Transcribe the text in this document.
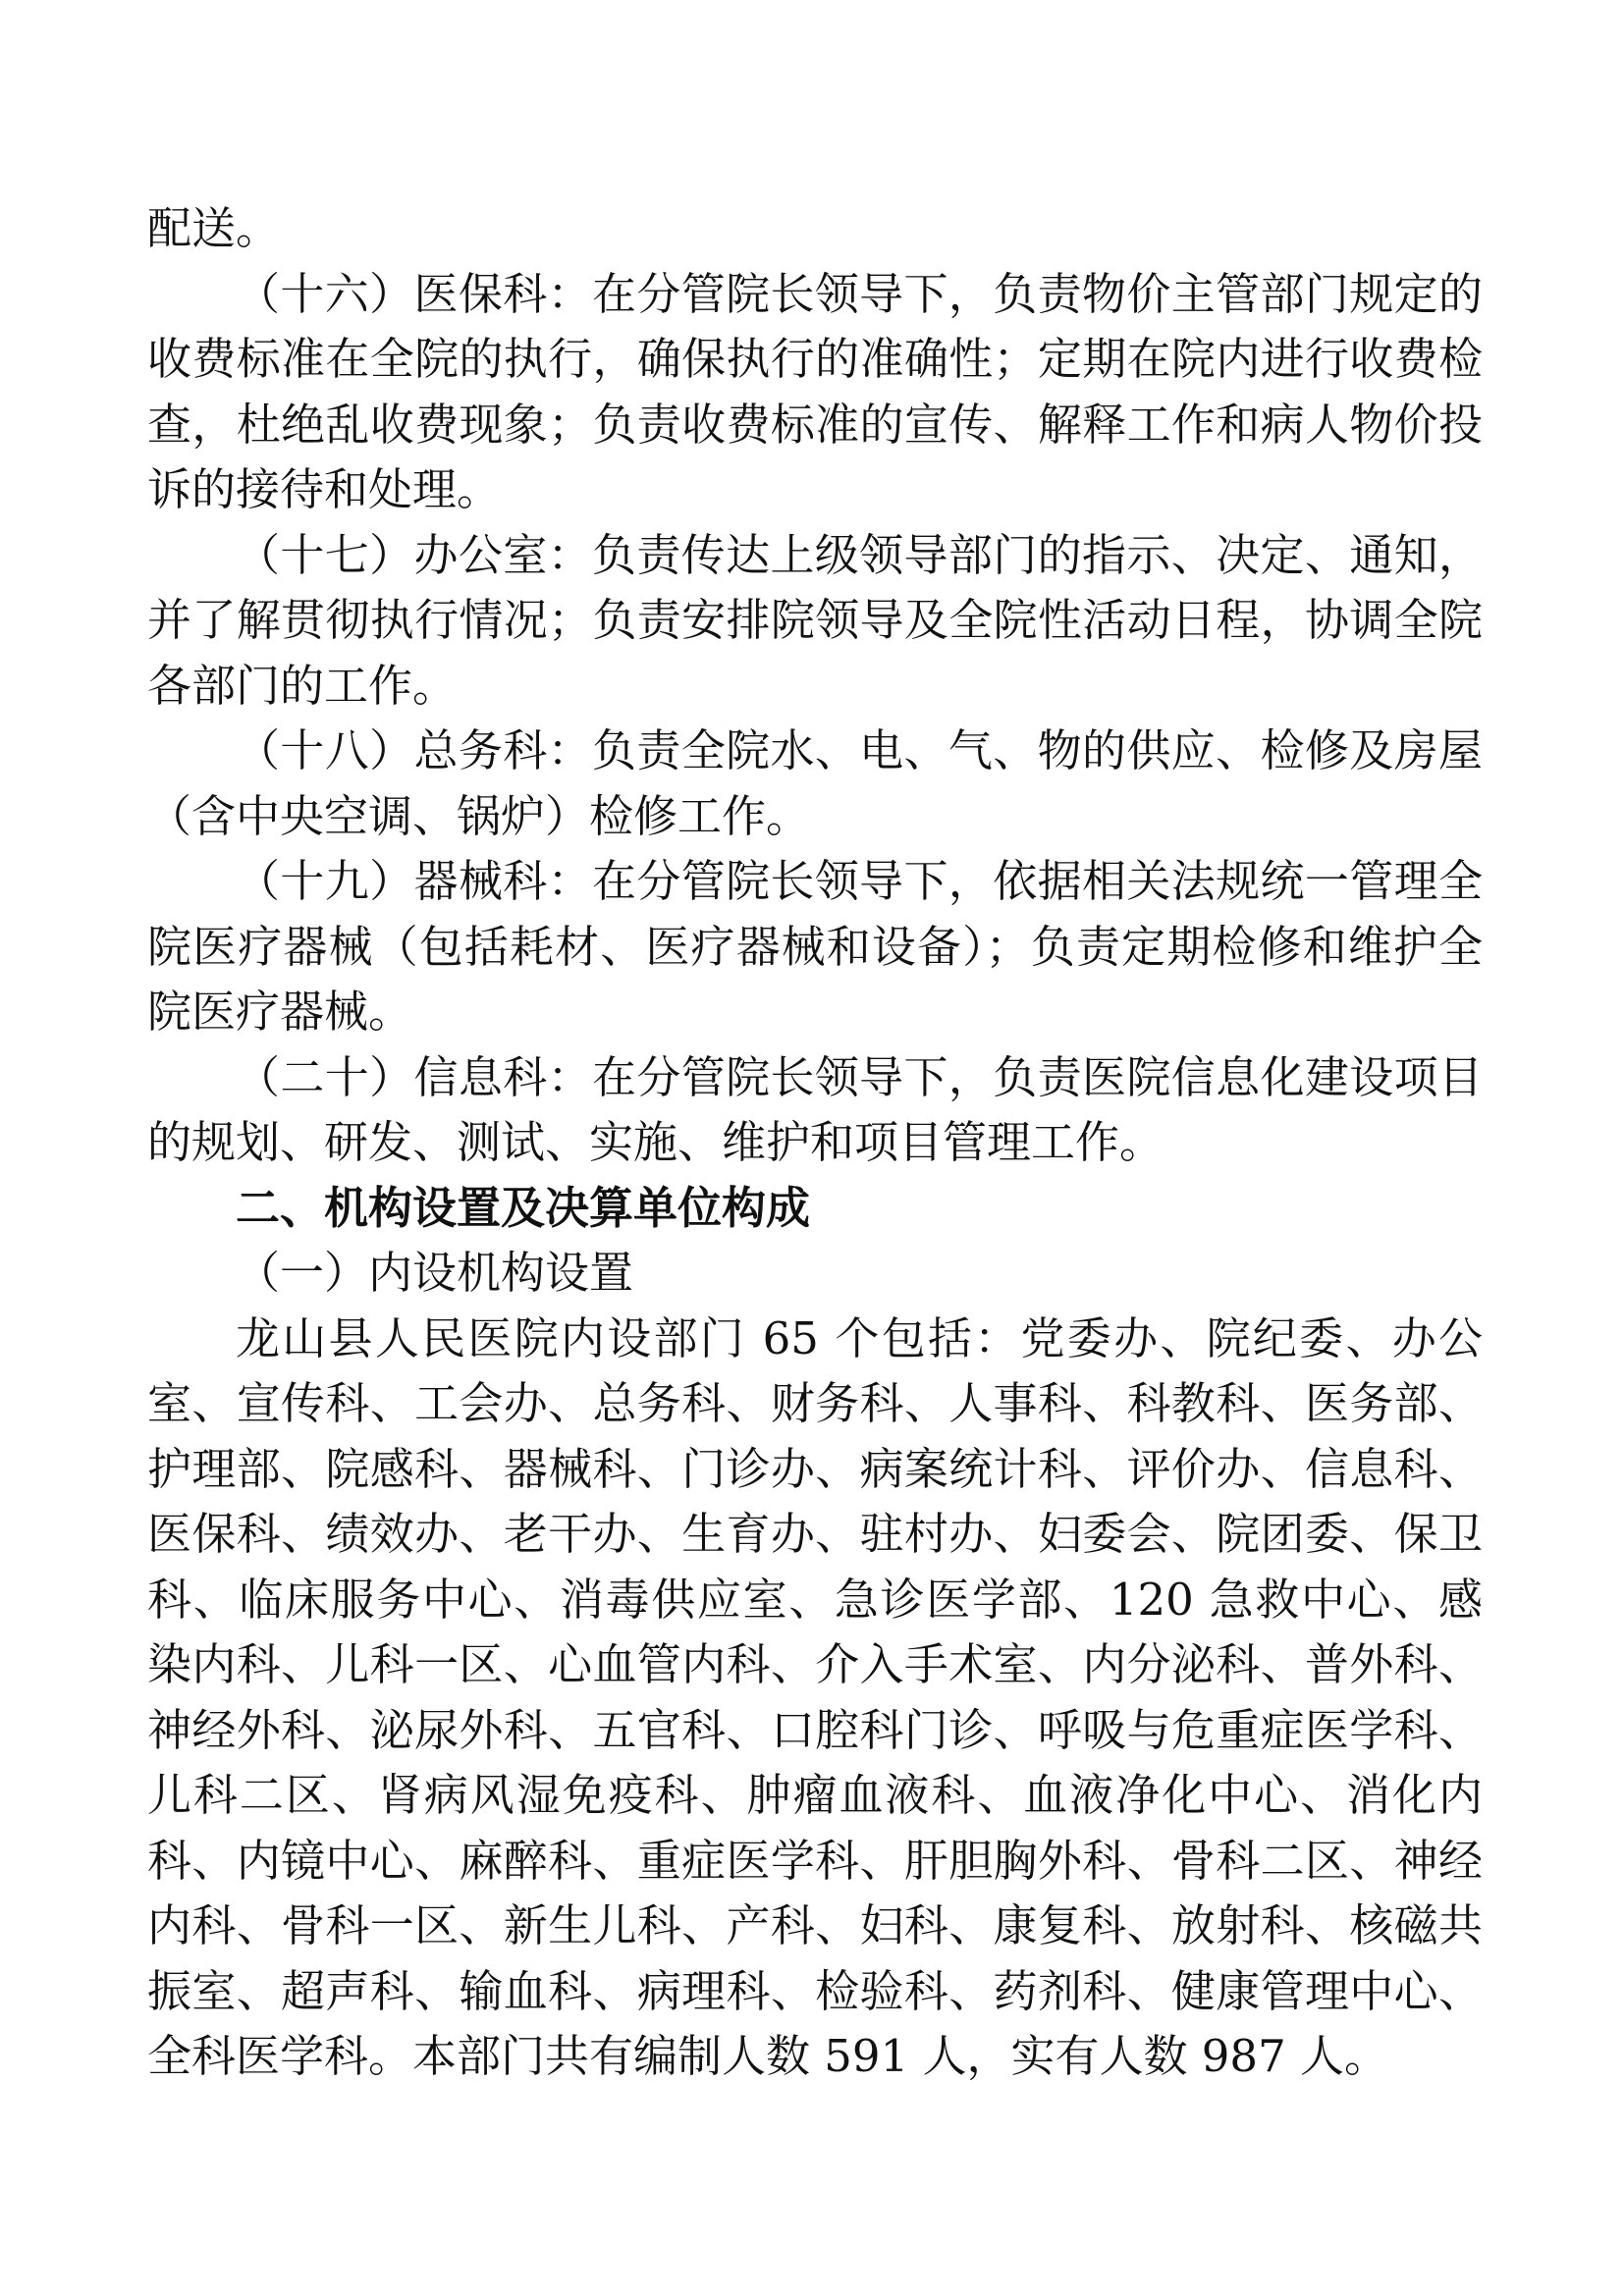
配送。

（十六）医保科：在分管院长领导下，负责物价主管部门规定的收费标准在全院的执行，确保执行的准确性；定期在院内进行收费检查，杜绝乱收费现象；负责收费标准的宣传、解释工作和病人物价投诉的接待和处理。

（十七）办公室：负责传达上级领导部门的指示、决定、通知，并了解贯彻执行情况；负责安排院领导及全院性活动日程，协调全院各部门的工作。

（十八）总务科：负责全院水、电、气、物的供应、检修及房屋（含中央空调、锅炉）检修工作。

（十九）器械科：在分管院长领导下，依据相关法规统一管理全院医疗器械（包括耗材、医疗器械和设备）；负责定期检修和维护全院医疗器械。

（二十）信息科：在分管院长领导下，负责医院信息化建设项目的规划、研发、测试、实施、维护和项目管理工作。

二、机构设置及决算单位构成

（一）内设机构设置

龙山县人民医院内设部门 65 个包括：党委办、院纪委、办公室、宣传科、工会办、总务科、财务科、人事科、科教科、医务部、护理部、院感科、器械科、门诊办、病案统计科、评价办、信息科、医保科、绩效办、老干办、生育办、驻村办、妇委会、院团委、保卫科、临床服务中心、消毒供应室、急诊医学部、120 急救中心、感染内科、儿科一区、心血管内科、介入手术室、内分泌科、普外科、神经外科、泌尿外科、五官科、口腔科门诊、呼吸与危重症医学科、儿科二区、肾病风湿免疫科、肿瘤血液科、血液净化中心、消化内科、内镜中心、麻醉科、重症医学科、肝胆胸外科、骨科二区、神经内科、骨科一区、新生儿科、产科、妇科、康复科、放射科、核磁共振室、超声科、输血科、病理科、检验科、药剂科、健康管理中心、全科医学科。本部门共有编制人数 591 人，实有人数 987 人。
